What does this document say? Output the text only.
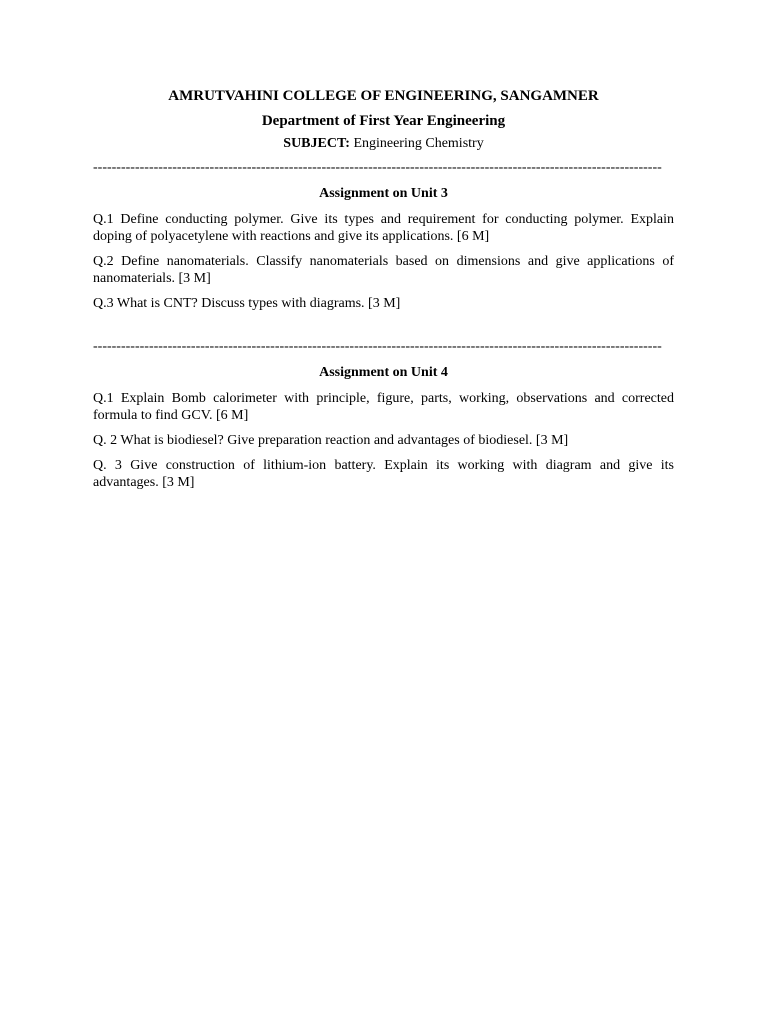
AMRUTVAHINI COLLEGE OF ENGINEERING, SANGAMNER
Department of First Year Engineering
SUBJECT: Engineering Chemistry
--------------------------------------------------------------------------------------------------------------------------
Assignment on Unit 3

Q.1 Define conducting polymer. Give its types and requirement for conducting polymer. Explain doping of polyacetylene with reactions and give its applications. [6 M]

Q.2 Define nanomaterials. Classify nanomaterials based on dimensions and give applications of nanomaterials. [3 M]

Q.3 What is CNT? Discuss types with diagrams. [3 M]

--------------------------------------------------------------------------------------------------------------------------
Assignment on Unit 4

Q.1 Explain Bomb calorimeter with principle, figure, parts, working, observations and corrected formula to find GCV. [6 M]

Q. 2 What is biodiesel? Give preparation reaction and advantages of biodiesel. [3 M]

Q. 3 Give construction of lithium-ion battery. Explain its working with diagram and give its advantages. [3 M]
